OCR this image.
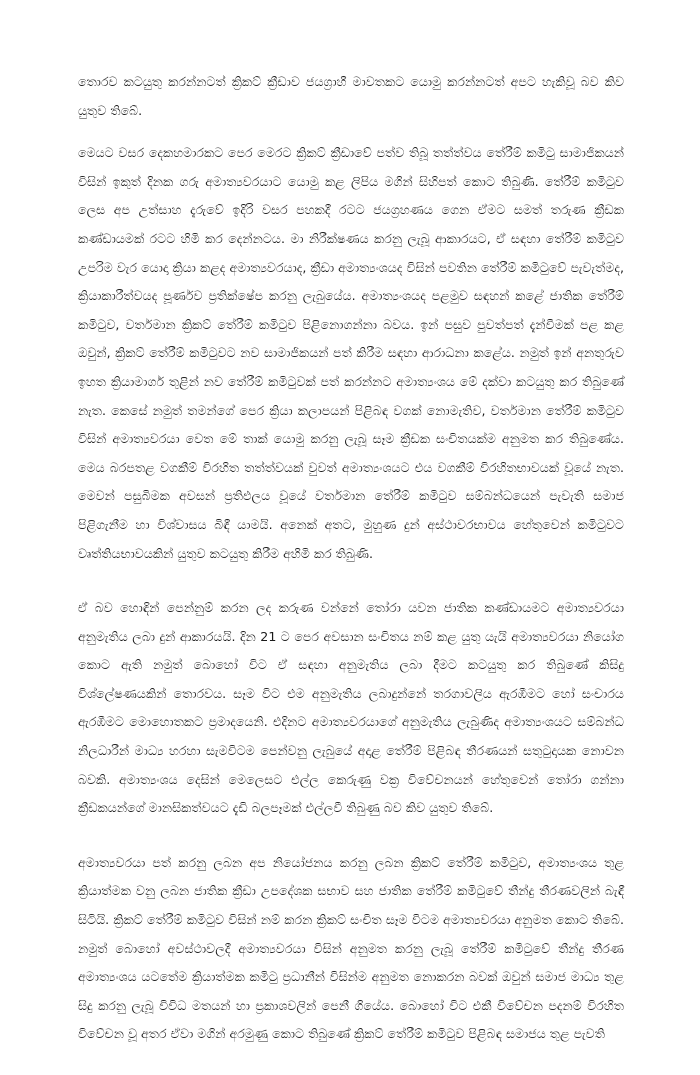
තොරව කටයුතු කරන්නටත් ක්‍රිකට් ක්‍රීඩාව ජයග්‍රාහී මාවතකට යොමු කරන්නටත් අපට හැකිවූ බව කිව යුතුව තිබේ.

මෙයට වසර දෙකහමාරකට පෙර මෙරට ක්‍රිකට් ක්‍රීඩාවේ පත්ව තිබූ තත්ත්වය තේරීම් කමිටු සාමාජිකයන් විසින් ඉකුත් දිනක ගරු අමාත්‍යවරයාට යොමු කළ ලිපිය මගින් සිහිපත් කොට තිබුණි. තේරීම් කමිටුව ලෙස අප උත්සාහ දැරුවේ ඉදිරි වසර පහකදී රටට ජයග්‍රහණය ගෙන ඒමට සමත් තරුණ ක්‍රීඩක කණ්ඩායමක් රටට හිමි කර දෙන්නටය. මා නිරීක්ෂණය කරනු ලැබූ ආකාරයට, ඒ සඳහා තේරීම් කමිටුව උපරිම වැර යොදා ක්‍රියා කළද අමාත්‍යවරයාද, ක්‍රීඩා අමාත්‍යංශයද විසින් පවතින තේරීම් කමිටුවේ පැවැත්මද, ක්‍රියාකාරීත්වයද පූර්ණව ප්‍රතික්ෂේප කරනු ලැබුයේය. අමාත්‍යංශයද පළමුව සඳහන් කළේ ජාතික තේරීම් කමිටුව, වර්තමාන ක්‍රිකට් තේරීම් කමිටුව පිළිනොගන්නා බවය. ඉන් පසුව පුවත්පත් දැන්වීමක් පළ කළ ඔවුන්, ක්‍රිකට් තේරීම් කමිටුවට නව සාමාජිකයන් පත් කිරීම සඳහා ආරාධනා කළේය. නමුත් ඉන් අනතුරුව ඉහත ක්‍රියාමාර්ග තුළින් නව තේරීම් කමිටුවක් පත් කරන්නට අමාත්‍යංශය මේ දක්වා කටයුතු කර තිබුණේ නැත. කෙසේ නමුත් තමන්ගේ පෙර ක්‍රියා කලාපයන් පිළිබඳ වගක් නොමැතිව, වර්තමාන තේරීම් කමිටුව විසින් අමාත්‍යවරයා වෙත මේ තාක් යොමු කරනු ලැබූ සෑම ක්‍රීඩක සංචිතයක්ම අනුමත කර තිබුණේය. මෙය බරපතළ වගකීම් විරහිත තත්ත්වයක් වුවත් අමාත්‍යංශයට එය වගකීම් විරහිතභාවයක් වූයේ නැත. මෙවන් පසුබිමක අවසන් ප්‍රතිඵලය වූයේ වර්තමාන තේරීම් කමිටුව සම්බන්ධයෙන් පැවැති සමාජ පිළිගැනීම හා විශ්වාසය බිඳී යාමයි. අනෙක් අතට, මුහුණ දුන් අස්ථාවරභාවය හේතුවෙන් කමිටුවට වෘත්තියභාවයකින් යුතුව කටයුතු කිරීම අහිමි කර තිබුණි.

ඒ බව හොඳින් පෙන්නුම් කරන ලද කරුණ වන්නේ තෝරා යවන ජාතික කණ්ඩායමට අමාත්‍යවරයා අනුමැතිය ලබා දුන් ආකාරයයි. දින 21 ට පෙර අවසාන සංචිතය නම් කළ යුතු යැයි අමාත්‍යවරයා නියෝග කොට ඇති නමුත් බොහෝ විට ඒ සඳහා අනුමැතිය ලබා දීමට කටයුතු කර තිබුණේ කිසිදු විශ්ලේෂණයකින් තොරවය. සෑම විට එම අනුමැතිය ලබාදුන්නේ තරගාවලිය ඇරඹීමට හෝ සංචාරය ඇරඹීමට මොහොතකට ප්‍රමාදයෙනි. එදිනට අමාත්‍යවරයාගේ අනුමැතිය ලැබුණිද අමාත්‍යංශයට සම්බන්ධ නිලධාරීන් මාධ්‍ය හරහා සැමවිටම පෙන්වනු ලැබුයේ අදාළ තේරීම් පිළිබඳ තීරණයන් සතුටුදායක නොවන බවකි. අමාත්‍යංශය දෙසින් මෙලෙසට එල්ල කෙරුණු වක්‍ර විවේචනයන් හේතුවෙන් තෝරා ගන්නා ක්‍රීඩකයන්ගේ මානසිකත්වයට දැඩි බලපෑමක් එල්ලවී තිබුණු බව කිව යුතුව තිබේ.

අමාත්‍යවරයා පත් කරනු ලබන අප නියෝජනය කරනු ලබන ක්‍රිකට් තේරීම් කමිටුව, අමාත්‍යංශය තුළ ක්‍රියාත්මක වනු ලබන ජාතික ක්‍රීඩා උපදේශක සභාව සහ ජාතික තේරීම් කමිටුවේ තීන්දු තීරණවලින් බැඳී සිටියි. ක්‍රිකට් තේරීම් කමිටුව විසින් නම් කරන ක්‍රිකට් සංචිත සෑම විටම අමාත්‍යවරයා අනුමත කොට තිබේ. නමුත් බොහෝ අවස්ථාවලදී අමාත්‍යවරයා විසින් අනුමත කරනු ලැබූ තේරීම් කමිටුවේ තීන්දු තීරණ අමාත්‍යංශය යටතේම ක්‍රියාත්මක කමිටු ප්‍රධානීන් විසින්ම අනුමත නොකරන බවක් ඔවුන් සමාජ මාධ්‍ය තුළ සිදු කරනු ලැබූ විවිධ මතයන් හා ප්‍රකාශවලින් පෙනී ගියේය. බොහෝ විට එකී විවේචන පදනම් විරහිත විවේචන වූ අතර ඒවා මගින් අරමුණු කොට තිබුණේ ක්‍රිකට් තේරීම් කමිටුව පිළිබඳ සමාජය තුළ පැවති
